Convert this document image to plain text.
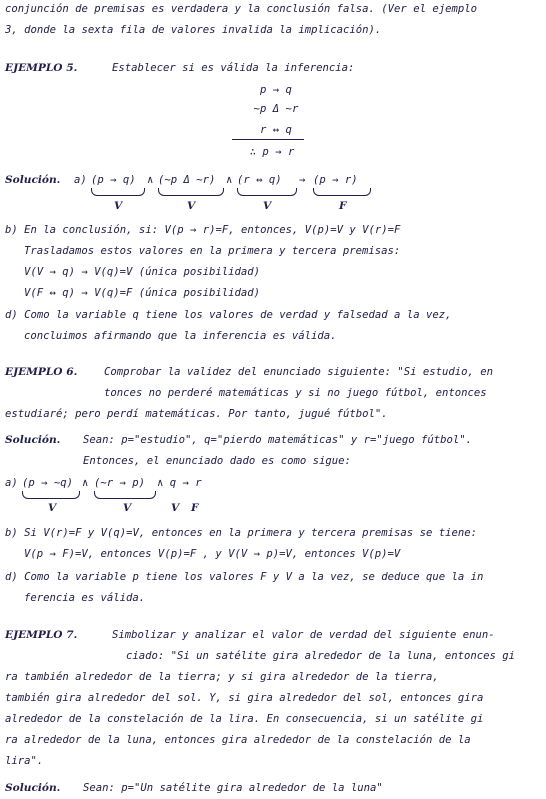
conjunción de premisas es verdadera y la conclusión falsa. (Ver el ejemplo
3, donde la sexta fila de valores invalida la implicación).
EJEMPLO 5.	Establecer si es válida la inferencia:
p → q
~p Δ ~r
r ↔ q
∴ p → r
Solución. a) (p → q) ∧ (~p Δ ~r) ∧ (r ↔ q) → (p → r)
V	V	V	F
b) En la conclusión, si: V(p → r)=F, entonces, V(p)=V y V(r)=F
Trasladamos estos valores en la primera y tercera premisas:
V(V → q) → V(q)=V (única posibilidad)
V(F ↔ q) → V(q)=F (única posibilidad)
d) Como la variable q tiene los valores de verdad y falsedad a la vez,
concluimos afirmando que la inferencia es válida.
EJEMPLO 6.	Comprobar la validez del enunciado siguiente: "Si estudio, en
tonces no perderé matemáticas y si no juego fútbol, entonces
estudiaré; pero perdí matemáticas. Por tanto, jugué fútbol".
Solución. Sean: p="estudio", q="pierdo matemáticas" y r="juego fútbol".
Entonces, el enunciado dado es como sigue:
a) (p → ~q) ∧ (~r → p) ∧ q → r
V	V	V F
b) Si V(r)=F y V(q)=V, entonces en la primera y tercera premisas se tiene:
V(p → F)=V, entonces V(p)=F , y V(V → p)=V, entonces V(p)=V
d) Como la variable p tiene los valores F y V a la vez, se deduce que la in
ferencia es válida.
EJEMPLO 7.	Simbolizar y analizar el valor de verdad del siguiente enun-
ciado: "Si un satélite gira alrededor de la luna, entonces gi
ra también alrededor de la tierra; y si gira alrededor de la tierra,
también gira alrededor del sol. Y, si gira alrededor del sol, entonces gira
alrededor de la constelación de la lira. En consecuencia, si un satélite gi
ra alrededor de la luna, entonces gira alrededor de la constelación de la
lira".
Solución. Sean: p="Un satélite gira alrededor de la luna"
